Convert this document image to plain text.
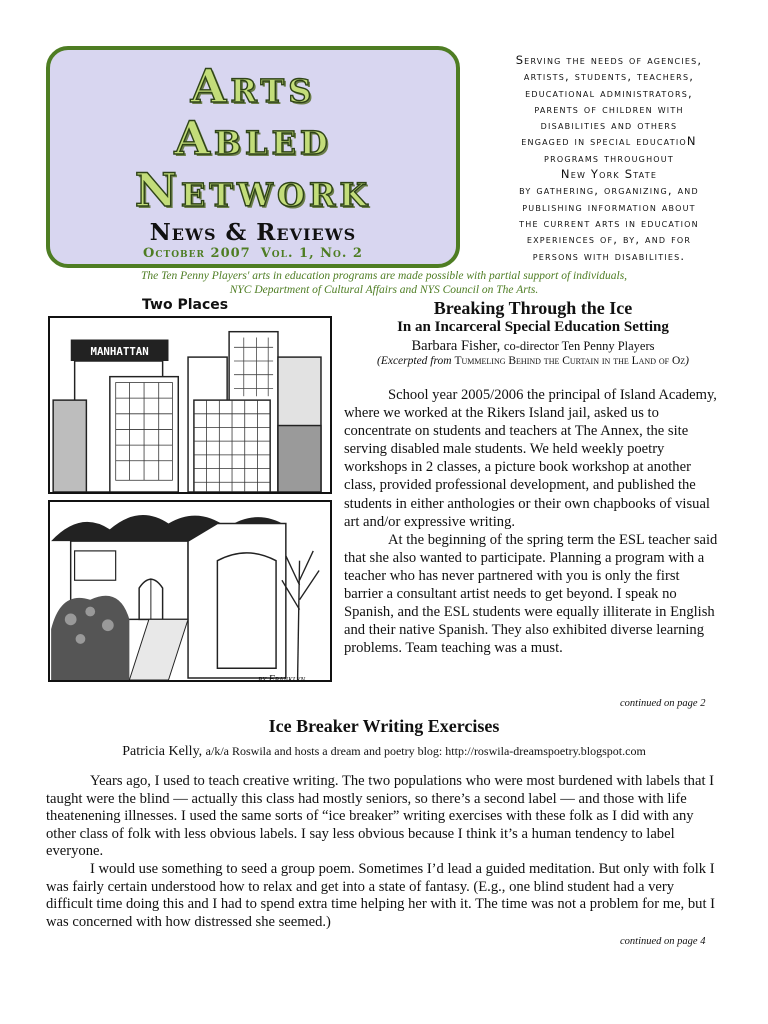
Arts
Abled
Network
News & Reviews
October 2007 Vol. 1, No. 2
Serving the needs of agencies,
artists, students, teachers,
educational administrators,
parents of children with
disabilities and others
engaged in special educatioN
programs throughout
New York State
by gathering, organizing, and
publishing information about
the current arts in education
experiences of, by, and for
persons with disabilities.
The Ten Penny Players' arts in education programs are made possible with partial support of individuals,
NYC Department of Cultural Affairs and NYS Council on The Arts.
Two Places
MANHATTAN
by Franklyn
Breaking Through the Ice
In an Incarceral Special Education Setting
Barbara Fisher, co-director Ten Penny Players
(Excerpted from Tummeling Behind the Curtain in the Land of Oz)

School year 2005/2006 the principal of Island Academy, where we worked at the Rikers Island jail, asked us to concentrate on students and teachers at The Annex, the site serving disabled male students. We held weekly poetry workshops in 2 classes, a picture book workshop at another class, provided professional development, and published the students in either anthologies or their own chapbooks of visual art and/or expressive writing.

At the beginning of the spring term the ESL teacher said that she also wanted to participate. Planning a program with a teacher who has never partnered with you is only the first barrier a consultant artist needs to get beyond. I speak no Spanish, and the ESL students were equally illiterate in English and their native Spanish. They also exhibited diverse learning problems. Team teaching was a must.

continued on page 2
Ice Breaker Writing Exercises
Patricia Kelly, a/k/a Roswila and hosts a dream and poetry blog: http://roswila-dreamspoetry.blogspot.com

Years ago, I used to teach creative writing. The two populations who were most burdened with labels that I taught were the blind — actually this class had mostly seniors, so there’s a second label — and those with life theatenening illnesses. I used the same sorts of “ice breaker” writing exercises with these folk as I did with any other class of folk with less obvious labels. I say less obvious because I think it’s a human tendency to label everyone.

I would use something to seed a group poem. Sometimes I’d lead a guided meditation. But only with folk I was fairly certain understood how to relax and get into a state of fantasy. (E.g., one blind student had a very difficult time doing this and I had to spend extra time helping her with it. The time was not a problem for me, but I was concerned with how distressed she seemed.)

continued on page 4
